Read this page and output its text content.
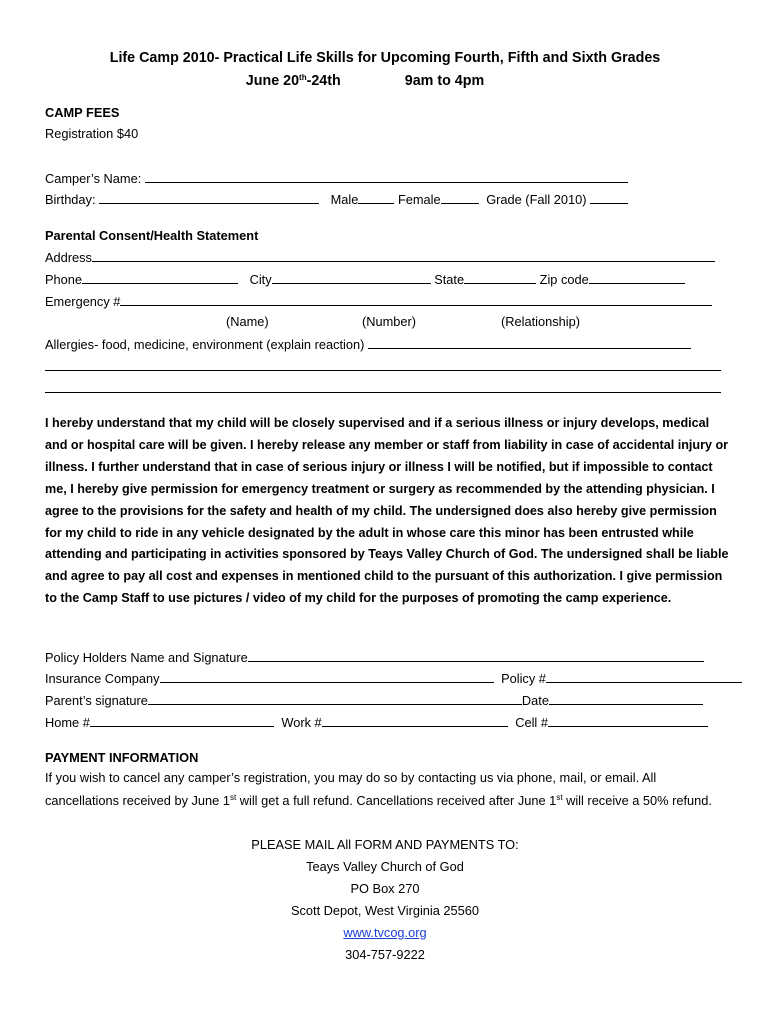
Life Camp 2010- Practical Life Skills for Upcoming Fourth, Fifth and Sixth Grades
June 20th-24th	9am to 4pm
CAMP FEES
Registration $40
Camper’s Name:
Birthday:	Male	Female	Grade (Fall 2010)
Parental Consent/Health Statement
Address
Phone	City	State	Zip code
Emergency #
(Name)	(Number)	(Relationship)
Allergies- food, medicine, environment (explain reaction)
I hereby understand that my child will be closely supervised and if a serious illness or injury develops, medical and or hospital care will be given. I hereby release any member or staff from liability in case of accidental injury or illness. I further understand that in case of serious injury or illness I will be notified, but if impossible to contact me, I hereby give permission for emergency treatment or surgery as recommended by the attending physician. I agree to the provisions for the safety and health of my child. The undersigned does also hereby give permission for my child to ride in any vehicle designated by the adult in whose care this minor has been entrusted while attending and participating in activities sponsored by Teays Valley Church of God. The undersigned shall be liable and agree to pay all cost and expenses in mentioned child to the pursuant of this authorization. I give permission to the Camp Staff to use pictures / video of my child for the purposes of promoting the camp experience.
Policy Holders Name and Signature
Insurance Company	Policy #
Parent’s signature	Date
Home #	Work #	Cell #
PAYMENT INFORMATION
If you wish to cancel any camper’s registration, you may do so by contacting us via phone, mail, or email. All cancellations received by June 1st will get a full refund. Cancellations received after June 1st will receive a 50% refund.
PLEASE MAIL All FORM AND PAYMENTS TO:
Teays Valley Church of God
PO Box 270
Scott Depot, West Virginia 25560
www.tvcog.org
304-757-9222
